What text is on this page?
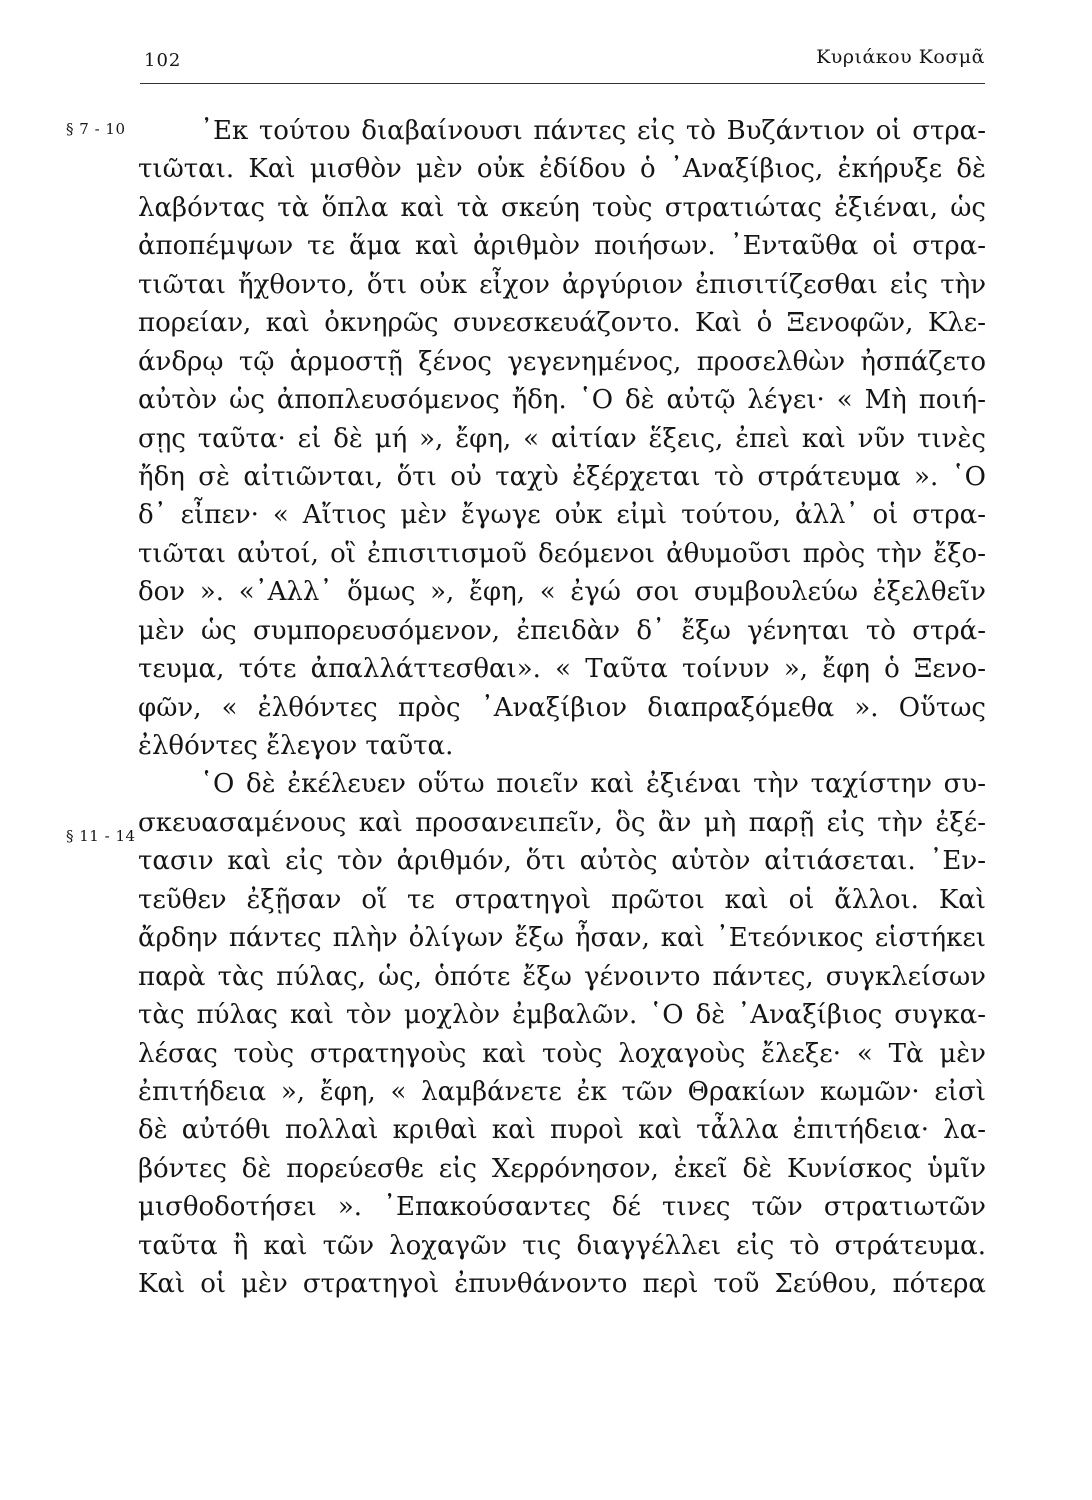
102	Κυριάκου Κοσμᾶ
§ 7 - 10
§ 11 - 14
᾿Εκ τούτου διαβαίνουσι πάντες εἰς τὸ Βυζάντιον οἱ στρα-
τιῶται. Καὶ μισθὸν μὲν οὐκ ἐδίδου ὁ ᾿Αναξίβιος, ἐκήρυξε δὲ
λαβόντας τὰ ὅπλα καὶ τὰ σκεύη τοὺς στρατιώτας ἐξιέναι, ὡς
ἀποπέμψων τε ἅμα καὶ ἀριθμὸν ποιήσων. ᾿Ενταῦθα οἱ στρα-
τιῶται ἤχθοντο, ὅτι οὐκ εἶχον ἀργύριον ἐπισιτίζεσθαι εἰς τὴν
πορείαν, καὶ ὀκνηρῶς συνεσκευάζοντο. Καὶ ὁ Ξενοφῶν, Κλε-
άνδρῳ τῷ ἁρμοστῇ ξένος γεγενημένος, προσελθὼν ἠσπάζετο
αὐτὸν ὡς ἀποπλευσόμενος ἤδη. ῾Ο δὲ αὐτῷ λέγει· « Μὴ ποιή-
σῃς ταῦτα· εἰ δὲ μή », ἔφη, « αἰτίαν ἕξεις, ἐπεὶ καὶ νῦν τινὲς
ἤδη σὲ αἰτιῶνται, ὅτι οὐ ταχὺ ἐξέρχεται τὸ στράτευμα ». ῾Ο
δ᾿ εἶπεν· « Αἴτιος μὲν ἔγωγε οὐκ εἰμὶ τούτου, ἀλλ᾿ οἱ στρα-
τιῶται αὐτοί, οἳ ἐπισιτισμοῦ δεόμενοι ἀθυμοῦσι πρὸς τὴν ἔξο-
δον ». «᾿Αλλ᾿ ὅμως », ἔφη, « ἐγώ σοι συμβουλεύω ἐξελθεῖν
μὲν ὡς συμπορευσόμενον, ἐπειδὰν δ᾿ ἔξω γένηται τὸ στρά-
τευμα, τότε ἀπαλλάττεσθαι». « Ταῦτα τοίνυν », ἔφη ὁ Ξενο-
φῶν, « ἐλθόντες πρὸς ᾿Αναξίβιον διαπραξόμεθα ». Οὕτως
ἐλθόντες ἔλεγον ταῦτα.
῾Ο δὲ ἐκέλευεν οὕτω ποιεῖν καὶ ἐξιέναι τὴν ταχίστην συ-
σκευασαμένους καὶ προσανειπεῖν, ὃς ἂν μὴ παρῇ εἰς τὴν ἐξέ-
τασιν καὶ εἰς τὸν ἀριθμόν, ὅτι αὐτὸς αὑτὸν αἰτιάσεται. ᾿Εν-
τεῦθεν ἐξῇσαν οἵ τε στρατηγοὶ πρῶτοι καὶ οἱ ἄλλοι. Καὶ
ἄρδην πάντες πλὴν ὀλίγων ἔξω ἦσαν, καὶ ᾿Ετεόνικος εἱστήκει
παρὰ τὰς πύλας, ὡς, ὁπότε ἔξω γένοιντο πάντες, συγκλείσων
τὰς πύλας καὶ τὸν μοχλὸν ἐμβαλῶν. ῾Ο δὲ ᾿Αναξίβιος συγκα-
λέσας τοὺς στρατηγοὺς καὶ τοὺς λοχαγοὺς ἔλεξε· « Τὰ μὲν
ἐπιτήδεια », ἔφη, « λαμβάνετε ἐκ τῶν Θρακίων κωμῶν· εἰσὶ
δὲ αὐτόθι πολλαὶ κριθαὶ καὶ πυροὶ καὶ τἆλλα ἐπιτήδεια· λα-
βόντες δὲ πορεύεσθε εἰς Χερρόνησον, ἐκεῖ δὲ Κυνίσκος ὑμῖν
μισθοδοτήσει ». ᾿Επακούσαντες δέ τινες τῶν στρατιωτῶν
ταῦτα ἢ καὶ τῶν λοχαγῶν τις διαγγέλλει εἰς τὸ στράτευμα.
Καὶ οἱ μὲν στρατηγοὶ ἐπυνθάνοντο περὶ τοῦ Σεύθου, πότερα
